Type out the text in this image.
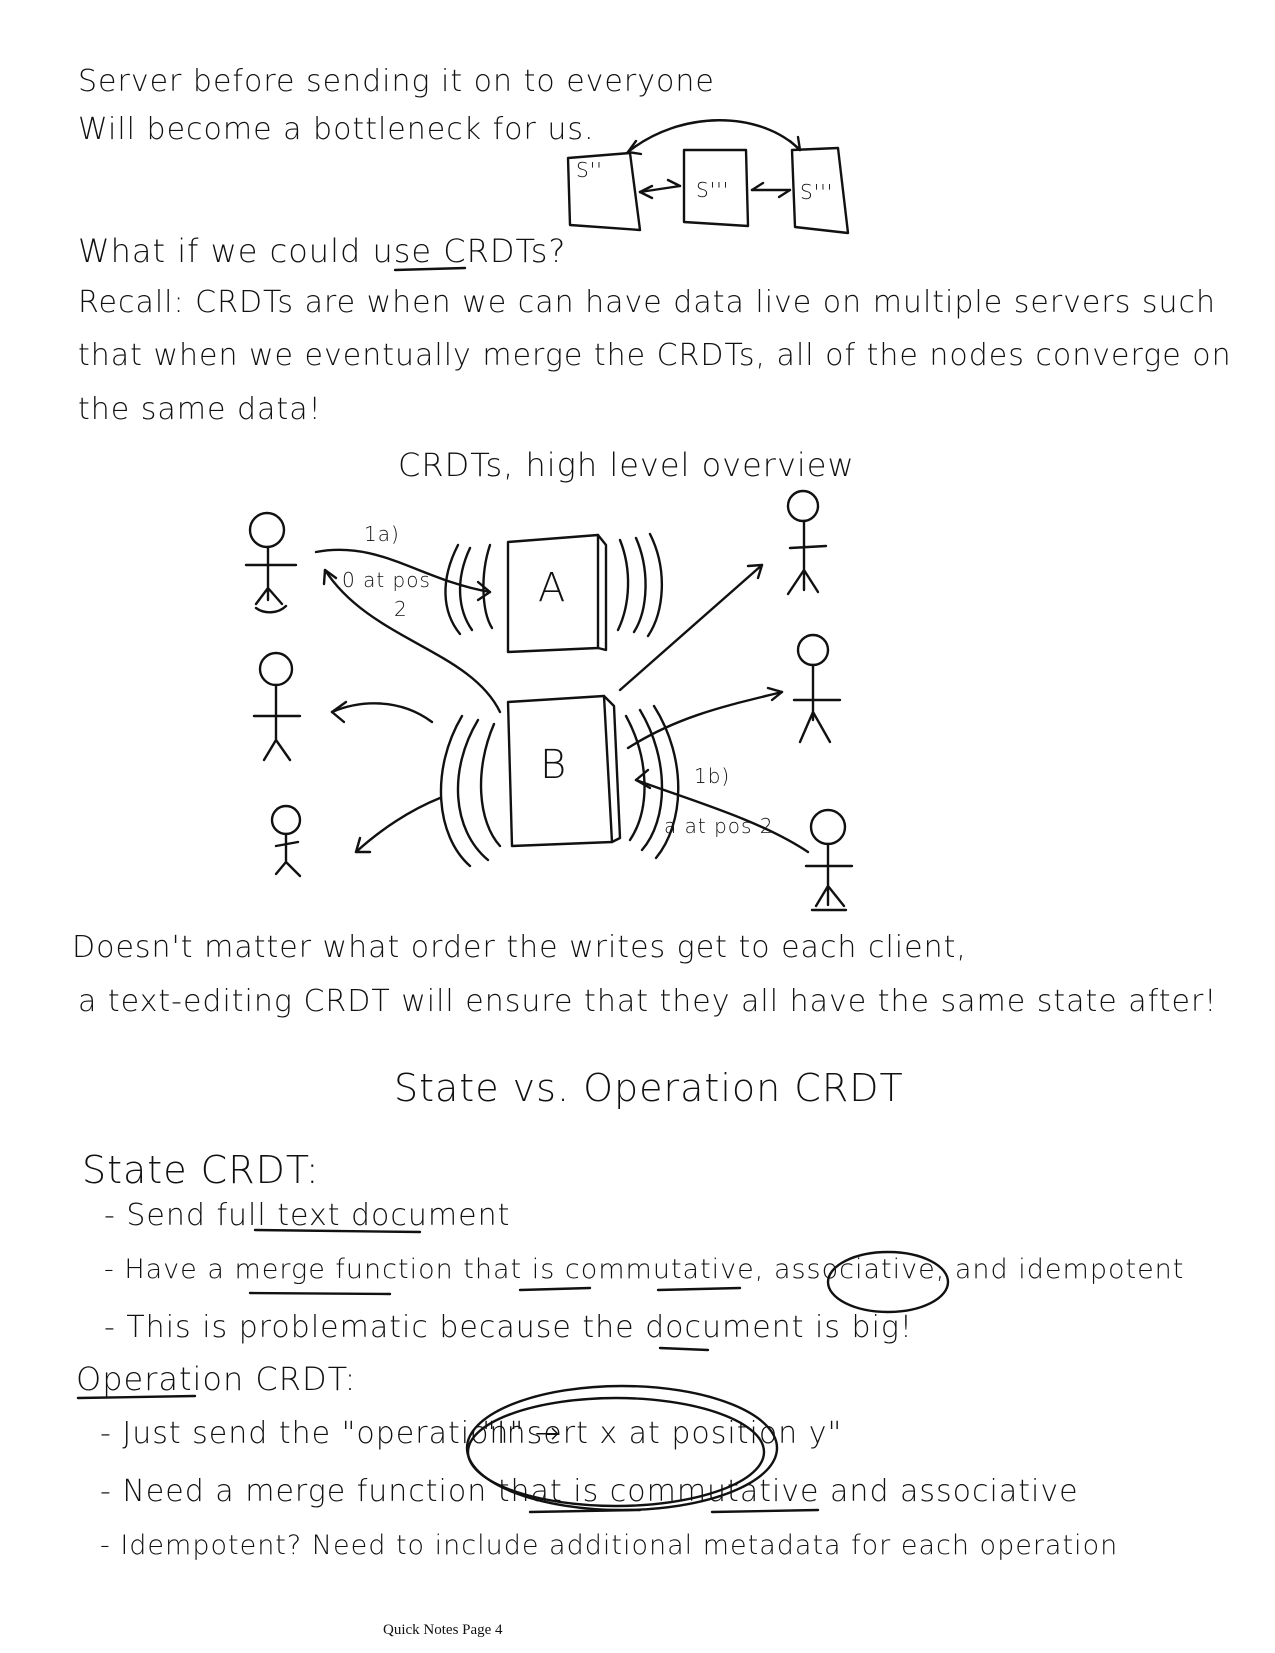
Server before sending it on to everyone
Will become a bottleneck for us.
S''
S'''	S'''
What if we could use CRDTs?
Recall: CRDTs are when we can have data live on multiple servers such
that when we eventually merge the CRDTs, all of the nodes converge on
the same data!
CRDTs, high level overview
A
B
1a)
0 at pos
2
1b)
a at pos 2
Doesn't matter what order the writes get to each client,
a text-editing CRDT will ensure that they all have the same state after!
State vs. Operation CRDT
State CRDT:
- Send full text document
- Have a merge function that is commutative, associative, and idempotent
- This is problematic because the document is big!
Operation CRDT:
- Just send the "operation" →
"Insert x at position y"
- Need a merge function that is commutative and associative
- Idempotent? Need to include additional metadata for each operation
Quick Notes Page 4
